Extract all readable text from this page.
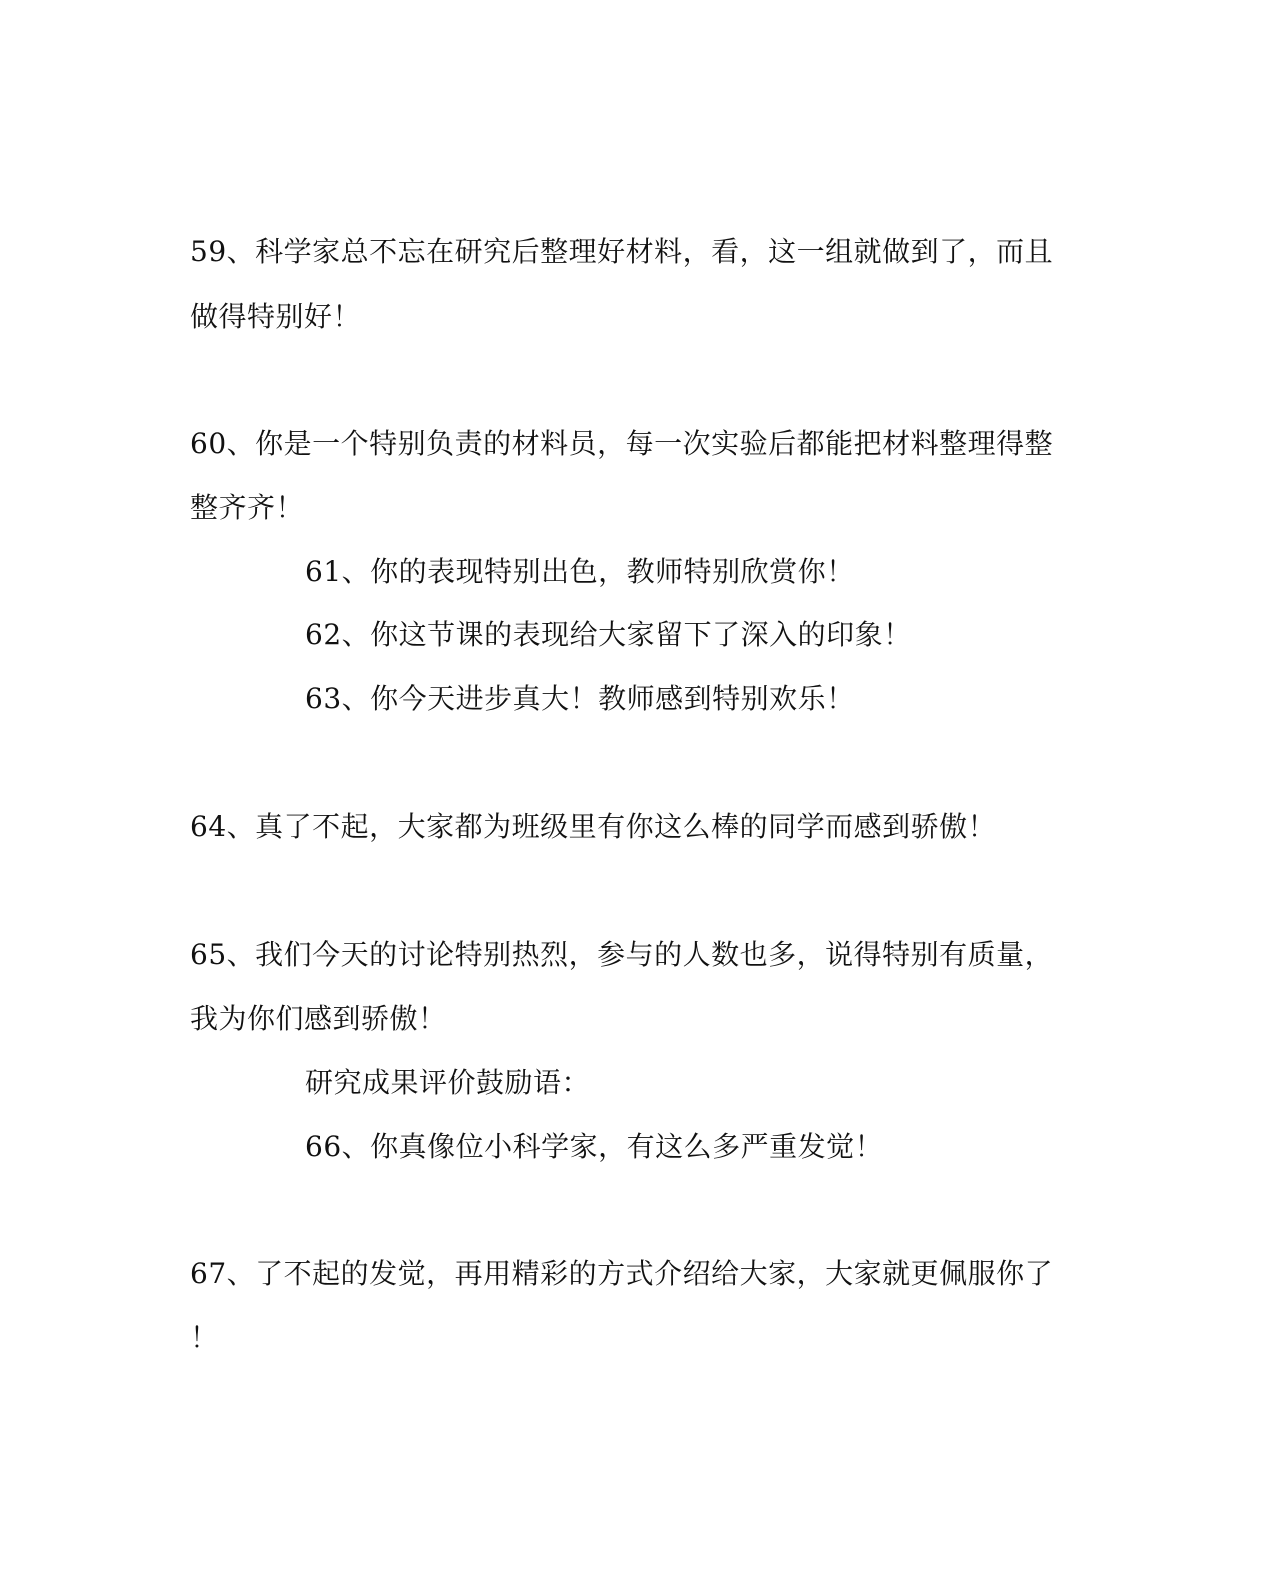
59、科学家总不忘在研究后整理好材料，看，这一组就做到了，而且
做得特别好！
60、你是一个特别负责的材料员，每一次实验后都能把材料整理得整
整齐齐！
61、你的表现特别出色，教师特别欣赏你！
62、你这节课的表现给大家留下了深入的印象！
63、你今天进步真大！教师感到特别欢乐！
64、真了不起，大家都为班级里有你这么棒的同学而感到骄傲！
65、我们今天的讨论特别热烈，参与的人数也多，说得特别有质量，
我为你们感到骄傲！
研究成果评价鼓励语：
66、你真像位小科学家，有这么多严重发觉！
67、了不起的发觉，再用精彩的方式介绍给大家，大家就更佩服你了
！
